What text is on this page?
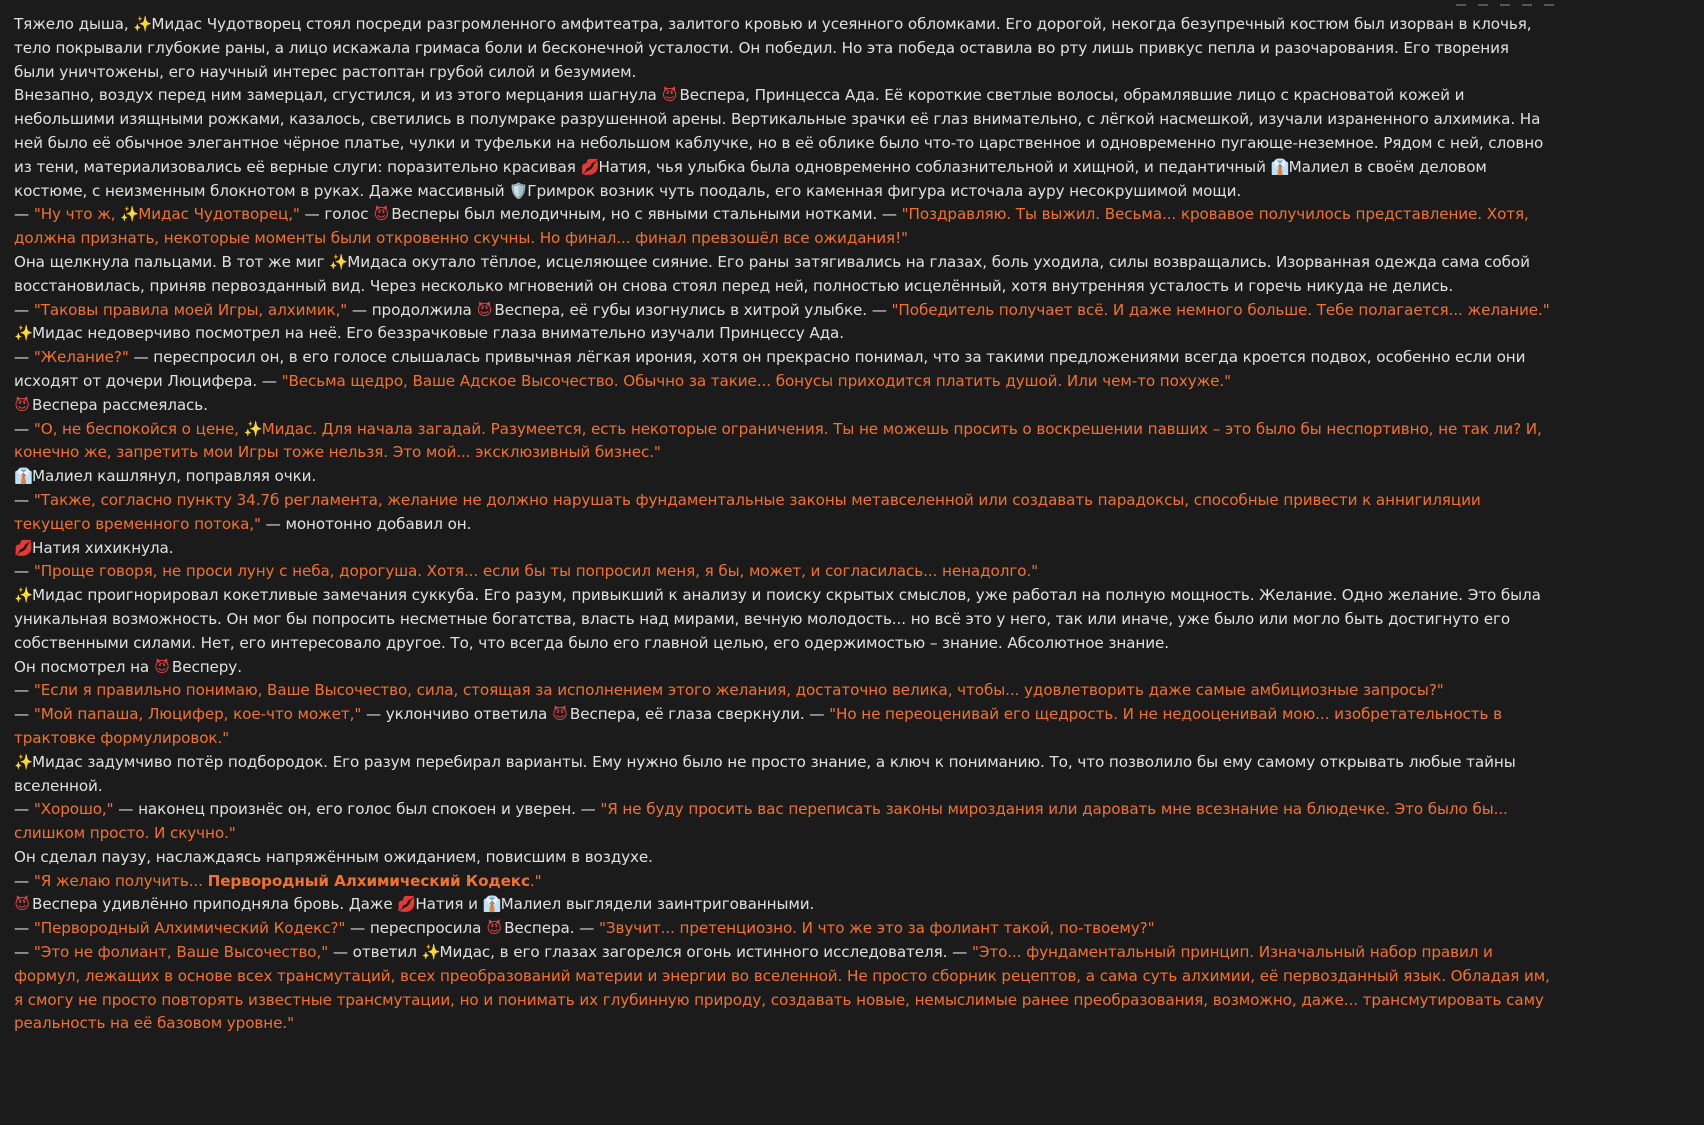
Тяжело дыша, ✨Мидас Чудотворец стоял посреди разгромленного амфитеатра, залитого кровью и усеянного обломками. Его дорогой, некогда безупречный костюм был изорван в клочья, тело покрывали глубокие раны, а лицо искажала гримаса боли и бесконечной усталости. Он победил. Но эта победа оставила во рту лишь привкус пепла и разочарования. Его творения были уничтожены, его научный интерес растоптан грубой силой и безумием.

Внезапно, воздух перед ним замерцал, сгустился, и из этого мерцания шагнула 😈 Веспера, Принцесса Ада. Её короткие светлые волосы, обрамлявшие лицо с красноватой кожей и небольшими изящными рожками, казалось, светились в полумраке разрушенной арены. Вертикальные зрачки её глаз внимательно, с лёгкой насмешкой, изучали израненного алхимика. На ней было её обычное элегантное чёрное платье, чулки и туфельки на небольшом каблучке, но в её облике было что-то царственное и одновременно пугающе-неземное. Рядом с ней, словно из тени, материализовались её верные слуги: поразительно красивая 💋Натия, чья улыбка была одновременно соблазнительной и хищной, и педантичный 👔Малиел в своём деловом костюме, с неизменным блокнотом в руках. Даже массивный 🛡️Гримрок возник чуть поодаль, его каменная фигура источала ауру несокрушимой мощи.

— "Ну что ж, ✨Мидас Чудотворец," — голос 😈 Весперы был мелодичным, но с явными стальными нотками. — "Поздравляю. Ты выжил. Весьма... кровавое получилось представление. Хотя, должна признать, некоторые моменты были откровенно скучны. Но финал... финал превзошёл все ожидания!"

Она щелкнула пальцами. В тот же миг ✨Мидаса окутало тёплое, исцеляющее сияние. Его раны затягивались на глазах, боль уходила, силы возвращались. Изорванная одежда сама собой восстановилась, приняв первозданный вид. Через несколько мгновений он снова стоял перед ней, полностью исцелённый, хотя внутренняя усталость и горечь никуда не делись.

— "Таковы правила моей Игры, алхимик," — продолжила 😈 Веспера, её губы изогнулись в хитрой улыбке. — "Победитель получает всё. И даже немного больше. Тебе полагается... желание."

✨Мидас недоверчиво посмотрел на неё. Его беззрачковые глаза внимательно изучали Принцессу Ада.

— "Желание?" — переспросил он, в его голосе слышалась привычная лёгкая ирония, хотя он прекрасно понимал, что за такими предложениями всегда кроется подвох, особенно если они исходят от дочери Люцифера. — "Весьма щедро, Ваше Адское Высочество. Обычно за такие... бонусы приходится платить душой. Или чем-то похуже."

😈 Веспера рассмеялась.

— "О, не беспокойся о цене, ✨Мидас. Для начала загадай. Разумеется, есть некоторые ограничения. Ты не можешь просить о воскрешении павших – это было бы неспортивно, не так ли? И, конечно же, запретить мои Игры тоже нельзя. Это мой... эксклюзивный бизнес."

👔Малиел кашлянул, поправляя очки.

— "Также, согласно пункту 34.7б регламента, желание не должно нарушать фундаментальные законы метавселенной или создавать парадоксы, способные привести к аннигиляции текущего временного потока," — монотонно добавил он.

💋Натия хихикнула.

— "Проще говоря, не проси луну с неба, дорогуша. Хотя... если бы ты попросил меня, я бы, может, и согласилась... ненадолго."

✨Мидас проигнорировал кокетливые замечания суккуба. Его разум, привыкший к анализу и поиску скрытых смыслов, уже работал на полную мощность. Желание. Одно желание. Это была уникальная возможность. Он мог бы попросить несметные богатства, власть над мирами, вечную молодость... но всё это у него, так или иначе, уже было или могло быть достигнуто его собственными силами. Нет, его интересовало другое. То, что всегда было его главной целью, его одержимостью – знание. Абсолютное знание.

Он посмотрел на 😈 Весперу.

— "Если я правильно понимаю, Ваше Высочество, сила, стоящая за исполнением этого желания, достаточно велика, чтобы... удовлетворить даже самые амбициозные запросы?"

— "Мой папаша, Люцифер, кое-что может," — уклончиво ответила 😈 Веспера, её глаза сверкнули. — "Но не переоценивай его щедрость. И не недооценивай мою... изобретательность в трактовке формулировок."

✨Мидас задумчиво потёр подбородок. Его разум перебирал варианты. Ему нужно было не просто знание, а ключ к пониманию. То, что позволило бы ему самому открывать любые тайны вселенной.

— "Хорошо," — наконец произнёс он, его голос был спокоен и уверен. — "Я не буду просить вас переписать законы мироздания или даровать мне всезнание на блюдечке. Это было бы... слишком просто. И скучно."

Он сделал паузу, наслаждаясь напряжённым ожиданием, повисшим в воздухе.

— "Я желаю получить... Первородный Алхимический Кодекс."

😈 Веспера удивлённо приподняла бровь. Даже 💋Натия и 👔Малиел выглядели заинтригованными.

— "Первородный Алхимический Кодекс?" — переспросила 😈 Веспера. — "Звучит... претенциозно. И что же это за фолиант такой, по-твоему?"

— "Это не фолиант, Ваше Высочество," — ответил ✨Мидас, в его глазах загорелся огонь истинного исследователя. — "Это... фундаментальный принцип. Изначальный набор правил и формул, лежащих в основе всех трансмутаций, всех преобразований материи и энергии во вселенной. Не просто сборник рецептов, а сама суть алхимии, её первозданный язык. Обладая им, я смогу не просто повторять известные трансмутации, но и понимать их глубинную природу, создавать новые, немыслимые ранее преобразования, возможно, даже... трансмутировать саму реальность на её базовом уровне."
